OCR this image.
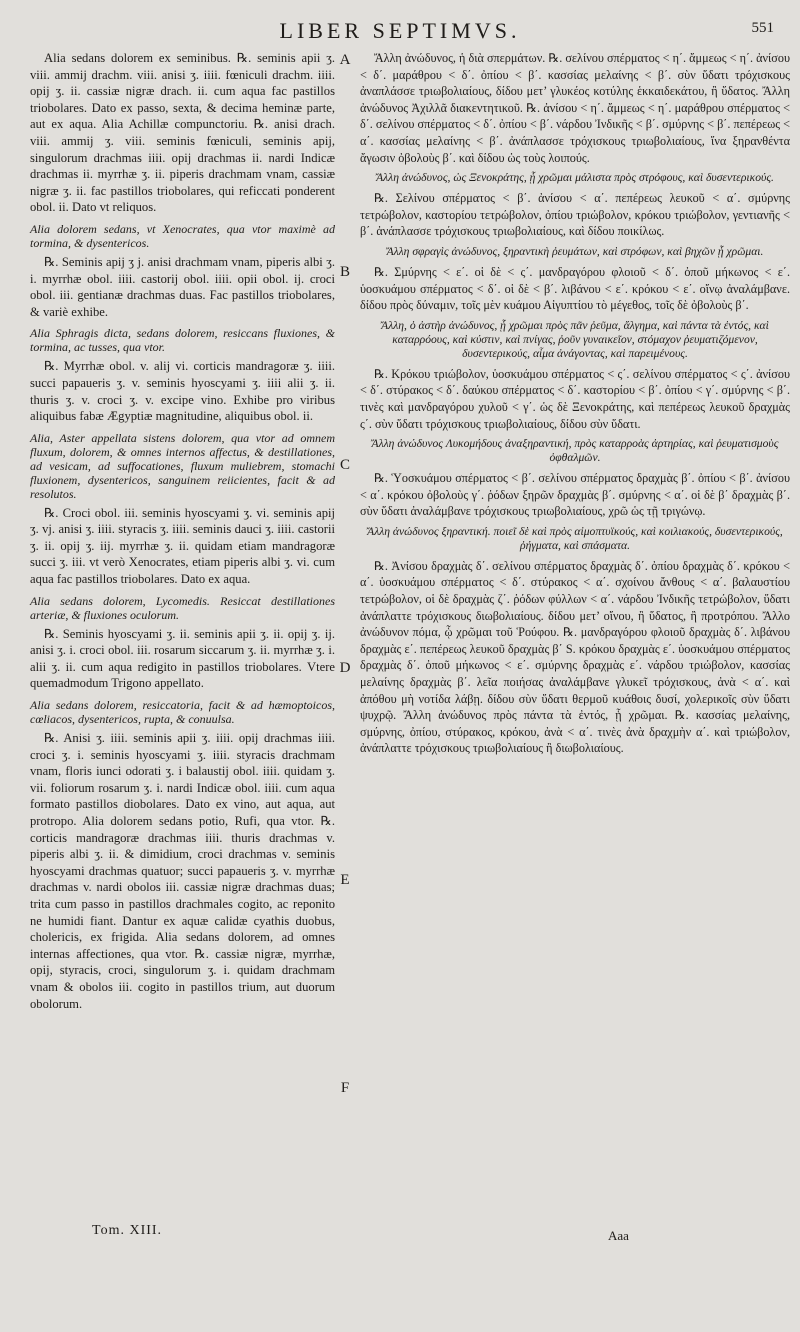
LIBER SEPTIMVS.	551

Alia sedans dolorem ex seminibus. ℞. seminis apii ʒ. viii. ammij drachm. viii. anisi ʒ. iiii. fœniculi drachm. iiii. opij ʒ. ii. cassiæ nigræ drach. ii. cum aqua fac pastillos triobolares. Dato ex passo, sexta, & decima heminæ parte, aut ex aqua. Alia Achillæ compunctoriu. ℞. anisi drach. viii. ammij ʒ. viii. seminis fœniculi, seminis apij, singulorum drachmas iiii. opij drachmas ii. nardi Indicæ drachmas ii. myrrhæ ʒ. ii. piperis drachmam vnam, cassiæ nigræ ʒ. ii. fac pastillos triobolares, qui reficcati ponderent obol. ii. Dato vt reliquos.

Alia dolorem sedans, vt Xenocrates, qua vtor maximè ad tormina, & dysentericos.

℞. Seminis apij ʒ j. anisi drachmam vnam, piperis albi ʒ. i. myrrhæ obol. iiii. castorij obol. iiii. opii obol. ij. croci obol. iii. gentianæ drachmas duas. Fac pastillos triobolares, & variè exhibe.

Alia Sphragis dicta, sedans dolorem, resiccans fluxiones, & tormina, ac tusses, qua vtor.

℞. Myrrhæ obol. v. alij vi. corticis mandragoræ ʒ. iiii. succi papaueris ʒ. v. seminis hyoscyami ʒ. iiii alii ʒ. ii. thuris ʒ. v. croci ʒ. v. excipe vino. Exhibe pro viribus aliquibus fabæ Ægyptiæ magnitudine, aliquibus obol. ii.

Alia, Aster appellata sistens dolorem, qua vtor ad omnem fluxum, dolorem, & omnes internos affectus, & destillationes, ad vesicam, ad suffocationes, fluxum muliebrem, stomachi fluxionem, dysentericos, sanguinem reiicientes, facit & ad resolutos.

℞. Croci obol. iii. seminis hyoscyami ʒ. vi. seminis apij ʒ. vj. anisi ʒ. iiii. styracis ʒ. iiii. seminis dauci ʒ. iiii. castorii ʒ. ii. opij ʒ. iij. myrrhæ ʒ. ii. quidam etiam mandragoræ succi ʒ. iii. vt verò Xenocrates, etiam piperis albi ʒ. vi. cum aqua fac pastillos triobolares. Dato ex aqua.

Alia sedans dolorem, Lycomedis. Resiccat destillationes arteriæ, & fluxiones oculorum.

℞. Seminis hyoscyami ʒ. ii. seminis apii ʒ. ii. opij ʒ. ij. anisi ʒ. i. croci obol. iii. rosarum siccarum ʒ. ii. myrrhæ ʒ. i. alii ʒ. ii. cum aqua redigito in pastillos triobolares. Vtere quemadmodum Trigono appellato.

Alia sedans dolorem, resiccatoria, facit & ad hæmoptoicos, cœliacos, dysentericos, rupta, & conuulsa.

℞. Anisi ʒ. iiii. seminis apii ʒ. iiii. opij drachmas iiii. croci ʒ. i. seminis hyoscyami ʒ. iiii. styracis drachmam vnam, floris iunci odorati ʒ. i balaustij obol. iiii. quidam ʒ. vii. foliorum rosarum ʒ. i. nardi Indicæ obol. iiii. cum aqua formato pastillos diobolares. Dato ex vino, aut aqua, aut protropo. Alia dolorem sedans potio, Rufi, qua vtor. ℞. corticis mandragoræ drachmas iiii. thuris drachmas v. piperis albi ʒ. ii. & dimidium, croci drachmas v. seminis hyoscyami drachmas quatuor; succi papaueris ʒ. v. myrrhæ drachmas v. nardi obolos iii. cassiæ nigræ drachmas duas; trita cum passo in pastillos drachmales cogito, ac reponito ne humidi fiant. Dantur ex aquæ calidæ cyathis duobus, cholericis, ex frigida. Alia sedans dolorem, ad omnes internas affectiones, qua vtor. ℞. cassiæ nigræ, myrrhæ, opij, styracis, croci, singulorum ʒ. i. quidam drachmam vnam & obolos iii. cogito in pastillos trium, aut duorum obolorum.

Ἄλλη ἀνώδυνος, ἡ διὰ σπερμάτων. ℞. σελίνου σπέρματος < η΄. ἄμμεως < η΄. ἀνίσου < δ΄. μαράθρου < δ΄. ὀπίου < β΄. κασσίας μελαίνης < β΄. σὺν ὕδατι τρόχισκους ἀναπλάσσε τριωβολιαίους, δίδου μετ’ γλυκέος κοτύλης ἑκκαιδεκάτου, ἢ ὕδατος. Ἄλλη ἀνώδυνος Ἀχιλλᾶ διακεντητικοῦ. ℞. ἀνίσου < η΄. ἄμμεως < η΄. μαράθρου σπέρματος < δ΄. σελίνου σπέρματος < δ΄. ὀπίου < β΄. νάρδου Ἰνδικῆς < β΄. σμύρνης < β΄. πεπέρεως < α΄. κασσίας μελαίνης < β΄. ἀνάπλασσε τρόχισκους τριωβολιαίους, ἵνα ξηρανθέντα ἄγωσιν ὀβολοὺς β΄. καὶ δίδου ὡς τοὺς λοιπούς.

Ἄλλη ἀνώδυνος, ὡς Ξενοκράτης, ᾗ χρῶμαι μάλιστα πρὸς στρόφους, καὶ δυσεντερικούς.

℞. Σελίνου σπέρματος < β΄. ἀνίσου < α΄. πεπέρεως λευκοῦ < α΄. σμύρνης τετρώβολον, καστορίου τετρώβολον, ὀπίου τριώβολον, κρόκου τριώβολον, γεντιανῆς < β΄. ἀνάπλασσε τρόχισκους τριωβολιαίους, καὶ δίδου ποικίλως.

Ἄλλη σφραγὶς ἀνώδυνος, ξηραντικὴ ῥευμάτων, καὶ στρόφων, καὶ βηχῶν ᾗ χρῶμαι.

℞. Σμύρνης < ε΄. οἱ δὲ < ς΄. μανδραγόρου φλοιοῦ < δ΄. ὀποῦ μήκωνος < ε΄. ὑοσκυάμου σπέρματος < δ΄. οἱ δὲ < β΄. λιβάνου < ε΄. κρόκου < ε΄. οἴνῳ ἀναλάμβανε. δίδου πρὸς δύναμιν, τοῖς μὲν κυάμου Αἰγυπτίου τὸ μέγεθος, τοῖς δὲ ὀβολοὺς β΄.

Ἄλλη, ὁ ἀστὴρ ἀνώδυνος, ᾗ χρῶμαι πρὸς πᾶν ῥεῦμα, ἄλγημα, καὶ πάντα τὰ ἐντός, καὶ καταρρόους, καὶ κύστιν, καὶ πνίγας, ῥοῦν γυναικεῖον, στόμαχον ῥευματιζόμενον, δυσεντερικούς, αἷμα ἀνάγοντας, καὶ παρειμένους.

℞. Κρόκου τριώβολον, ὑοσκυάμου σπέρματος < ς΄. σελίνου σπέρματος < ς΄. ἀνίσου < δ΄. στύρακος < δ΄. δαύκου σπέρματος < δ΄. καστορίου < β΄. ὀπίου < γ΄. σμύρνης < β΄. τινὲς καὶ μανδραγόρου χυλοῦ < γ΄. ὡς δὲ Ξενοκράτης, καὶ πεπέρεως λευκοῦ δραχμὰς ς΄. σὺν ὕδατι τρόχισκους τριωβολιαίους, δίδου σὺν ὕδατι.

Ἄλλη ἀνώδυνος Λυκομήδους ἀναξηραντική, πρὸς καταρροὰς ἀρτηρίας, καὶ ῥευματισμοὺς ὀφθαλμῶν.

℞. Ὑοσκυάμου σπέρματος < β΄. σελίνου σπέρματος δραχμὰς β΄. ὀπίου < β΄. ἀνίσου < α΄. κρόκου ὀβολοὺς γ΄. ῥόδων ξηρῶν δραχμὰς β΄. σμύρνης < α΄. οἱ δὲ β΄ δραχμὰς β΄. σὺν ὕδατι ἀναλάμβανε τρόχισκους τριωβολιαίους, χρῶ ὡς τῇ τριγώνῳ.

Ἄλλη ἀνώδυνος ξηραντική. ποιεῖ δὲ καὶ πρὸς αἱμοπτυϊκούς, καὶ κοιλιακούς, δυσεντερικούς, ῥήγματα, καὶ σπάσματα.

℞. Ἀνίσου δραχμὰς δ΄. σελίνου σπέρματος δραχμὰς δ΄. ὀπίου δραχμὰς δ΄. κρόκου < α΄. ὑοσκυάμου σπέρματος < δ΄. στύρακος < α΄. σχοίνου ἄνθους < α΄. βαλαυστίου τετρώβολον, οἱ δὲ δραχμὰς ζ΄. ῥόδων φύλλων < α΄. νάρδου Ἰνδικῆς τετρώβολον, ὕδατι ἀνάπλαττε τρόχισκους διωβολιαίους. δίδου μετ’ οἴνου, ἢ ὕδατος, ἢ προτρόπου. Ἄλλο ἀνώδυνον πόμα, ᾧ χρῶμαι τοῦ Ῥούφου. ℞. μανδραγόρου φλοιοῦ δραχμὰς δ΄. λιβάνου δραχμὰς ε΄. πεπέρεως λευκοῦ δραχμὰς β΄ S. κρόκου δραχμὰς ε΄. ὑοσκυάμου σπέρματος δραχμὰς δ΄. ὀποῦ μήκωνος < ε΄. σμύρνης δραχμὰς ε΄. νάρδου τριώβολον, κασσίας μελαίνης δραχμὰς β΄. λεῖα ποιήσας ἀναλάμβανε γλυκεῖ τρόχισκους, ἀνὰ < α΄. καὶ ἀπόθου μὴ νοτίδα λάβῃ. δίδου σὺν ὕδατι θερμοῦ κυάθοις δυσί, χολερικοῖς σὺν ὕδατι ψυχρῷ. Ἄλλη ἀνώδυνος πρὸς πάντα τὰ ἐντός, ᾗ χρῶμαι. ℞. κασσίας μελαίνης, σμύρνης, ὀπίου, στύρακος, κρόκου, ἀνὰ < α΄. τινὲς ἀνὰ δραχμὴν α΄. καὶ τριώβολον, ἀνάπλαττε τρόχισκους τριωβολιαίους ἢ διωβολιαίους.

A
B
C
D
E
F
Tom. XIII.	Aaa
